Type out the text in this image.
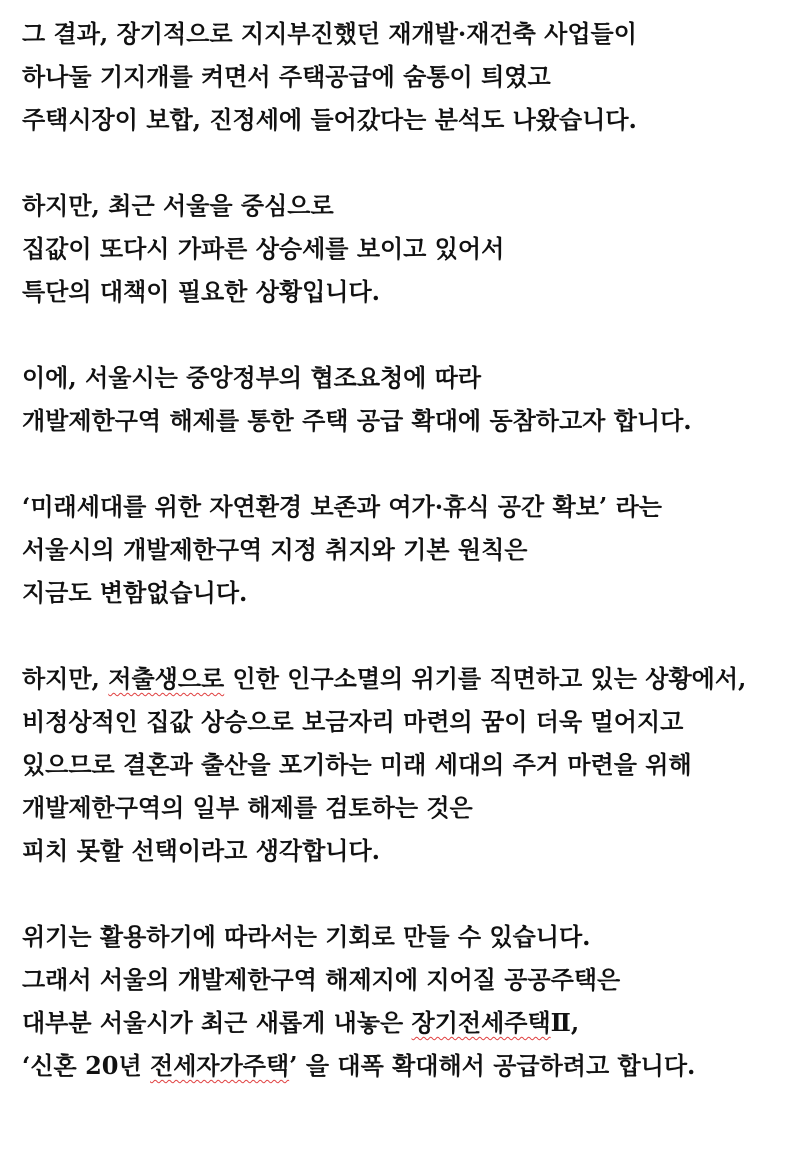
그 결과, 장기적으로 지지부진했던 재개발·재건축 사업들이
하나둘 기지개를 켜면서 주택공급에 숨통이 틔였고
주택시장이 보합, 진정세에 들어갔다는 분석도 나왔습니다.
하지만, 최근 서울을 중심으로
집값이 또다시 가파른 상승세를 보이고 있어서
특단의 대책이 필요한 상황입니다.
이에, 서울시는 중앙정부의 협조요청에 따라
개발제한구역 해제를 통한 주택 공급 확대에 동참하고자 합니다.
‘미래세대를 위한 자연환경 보존과 여가·휴식 공간 확보’ 라는
서울시의 개발제한구역 지정 취지와 기본 원칙은
지금도 변함없습니다.
하지만, 저출생으로 인한 인구소멸의 위기를 직면하고 있는 상황에서,
비정상적인 집값 상승으로 보금자리 마련의 꿈이 더욱 멀어지고
있으므로 결혼과 출산을 포기하는 미래 세대의 주거 마련을 위해
개발제한구역의 일부 해제를 검토하는 것은
피치 못할 선택이라고 생각합니다.
위기는 활용하기에 따라서는 기회로 만들 수 있습니다.
그래서 서울의 개발제한구역 해제지에 지어질 공공주택은
대부분 서울시가 최근 새롭게 내놓은 장기전세주택Ⅱ,
‘신혼 20년 전세자가주택’ 을 대폭 확대해서 공급하려고 합니다.
